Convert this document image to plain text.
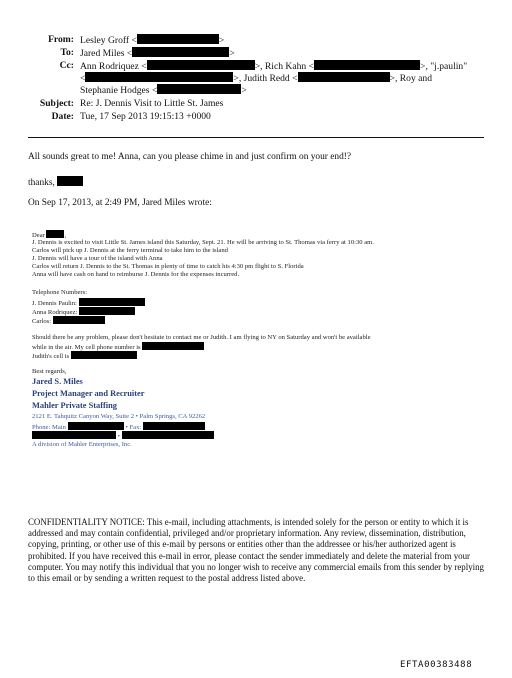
From: Lesley Groff <	>
To: Jared Miles <	>
Cc: Ann Rodriquez <	>, Rich Kahn <	>, "j.paulin"
<	>, Judith Redd <	>, Roy and
Stephanie Hodges <	>
Subject: Re: J. Dennis Visit to Little St. James
Date: Tue, 17 Sep 2013 19:15:13 +0000
All sounds great to me! Anna, can you please chime in and just confirm on your end!?
thanks,
On Sep 17, 2013, at 2:49 PM, Jared Miles wrote:
Dear	,
J. Dennis is excited to visit Little St. James island this Saturday, Sept. 21. He will be arriving to St. Thomas via ferry at 10:30 am.
Carlos will pick up J. Dennis at the ferry terminal to take him to the island
J. Dennis will have a tour of the island with Anna
Carlos will return J. Dennis to the St. Thomas in plenty of time to catch his 4:30 pm flight to S. Florida
Anna will have cash on hand to reimburse J. Dennis for the expenses incurred.
Telephone Numbers:
J. Dennis Paulin:
Anna Rodriquez:
Carlos:
Should there be any problem, please don't hesitate to contact me or Judith. I am flying to NY on Saturday and won't be available
while in the air. My cell phone number is
Judith's cell is
Best regards,
Jared S. Miles
Project Manager and Recruiter
Mahler Private Staffing
2121 E. Tahquitz Canyon Way, Suite 2 • Palm Springs, CA 92262
Phone: Main	• Fax:
•
A division of Mahler Enterprises, Inc.
CONFIDENTIALITY NOTICE: This e-mail, including attachments, is intended solely for the person or entity to which it is addressed and may contain confidential, privileged and/or proprietary information. Any review, dissemination, distribution, copying, printing, or other use of this e-mail by persons or entities other than the addressee or his/her authorized agent is prohibited. If you have received this e-mail in error, please contact the sender immediately and delete the material from your computer. You may notify this individual that you no longer wish to receive any commercial emails from this sender by replying to this email or by sending a written request to the postal address listed above.
EFTA00383488
